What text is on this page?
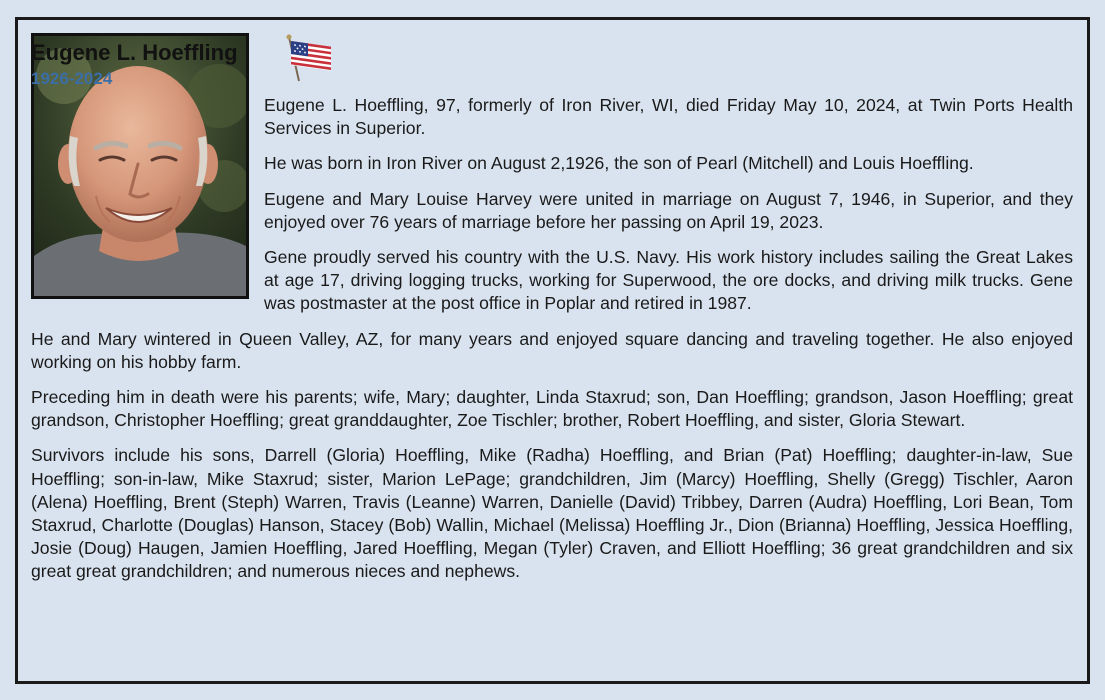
Eugene L. Hoeffling
1926-2024

Eugene L. Hoeffling, 97, formerly of Iron River, WI, died Friday May 10, 2024, at Twin Ports Health Services in Superior.

He was born in Iron River on August 2,1926, the son of Pearl (Mitchell) and Louis Hoeffling.

Eugene and Mary Louise Harvey were united in marriage on August 7, 1946, in Superior, and they enjoyed over 76 years of marriage before her passing on April 19, 2023.

Gene proudly served his country with the U.S. Navy. His work history includes sailing the Great Lakes at age 17, driving logging trucks, working for Superwood, the ore docks, and driving milk trucks. Gene was postmaster at the post office in Poplar and retired in 1987.

He and Mary wintered in Queen Valley, AZ, for many years and enjoyed square dancing and traveling together. He also enjoyed working on his hobby farm.

Preceding him in death were his parents; wife, Mary; daughter, Linda Staxrud; son, Dan Hoeffling; grandson, Jason Hoeffling; great grandson, Christopher Hoeffling; great granddaughter, Zoe Tischler; brother, Robert Hoeffling, and sister, Gloria Stewart.

Survivors include his sons, Darrell (Gloria) Hoeffling, Mike (Radha) Hoeffling, and Brian (Pat) Hoeffling; daughter-in-law, Sue Hoeffling; son-in-law, Mike Staxrud; sister, Marion LePage; grandchildren, Jim (Marcy) Hoeffling, Shelly (Gregg) Tischler, Aaron (Alena) Hoeffling, Brent (Steph) Warren, Travis (Leanne) Warren, Danielle (David) Tribbey, Darren (Audra) Hoeffling, Lori Bean, Tom Staxrud, Charlotte (Douglas) Hanson, Stacey (Bob) Wallin, Michael (Melissa) Hoeffling Jr., Dion (Brianna) Hoeffling, Jessica Hoeffling, Josie (Doug) Haugen, Jamien Hoeffling, Jared Hoeffling, Megan (Tyler) Craven, and Elliott Hoeffling; 36 great grandchildren and six great great grandchildren; and numerous nieces and nephews.
